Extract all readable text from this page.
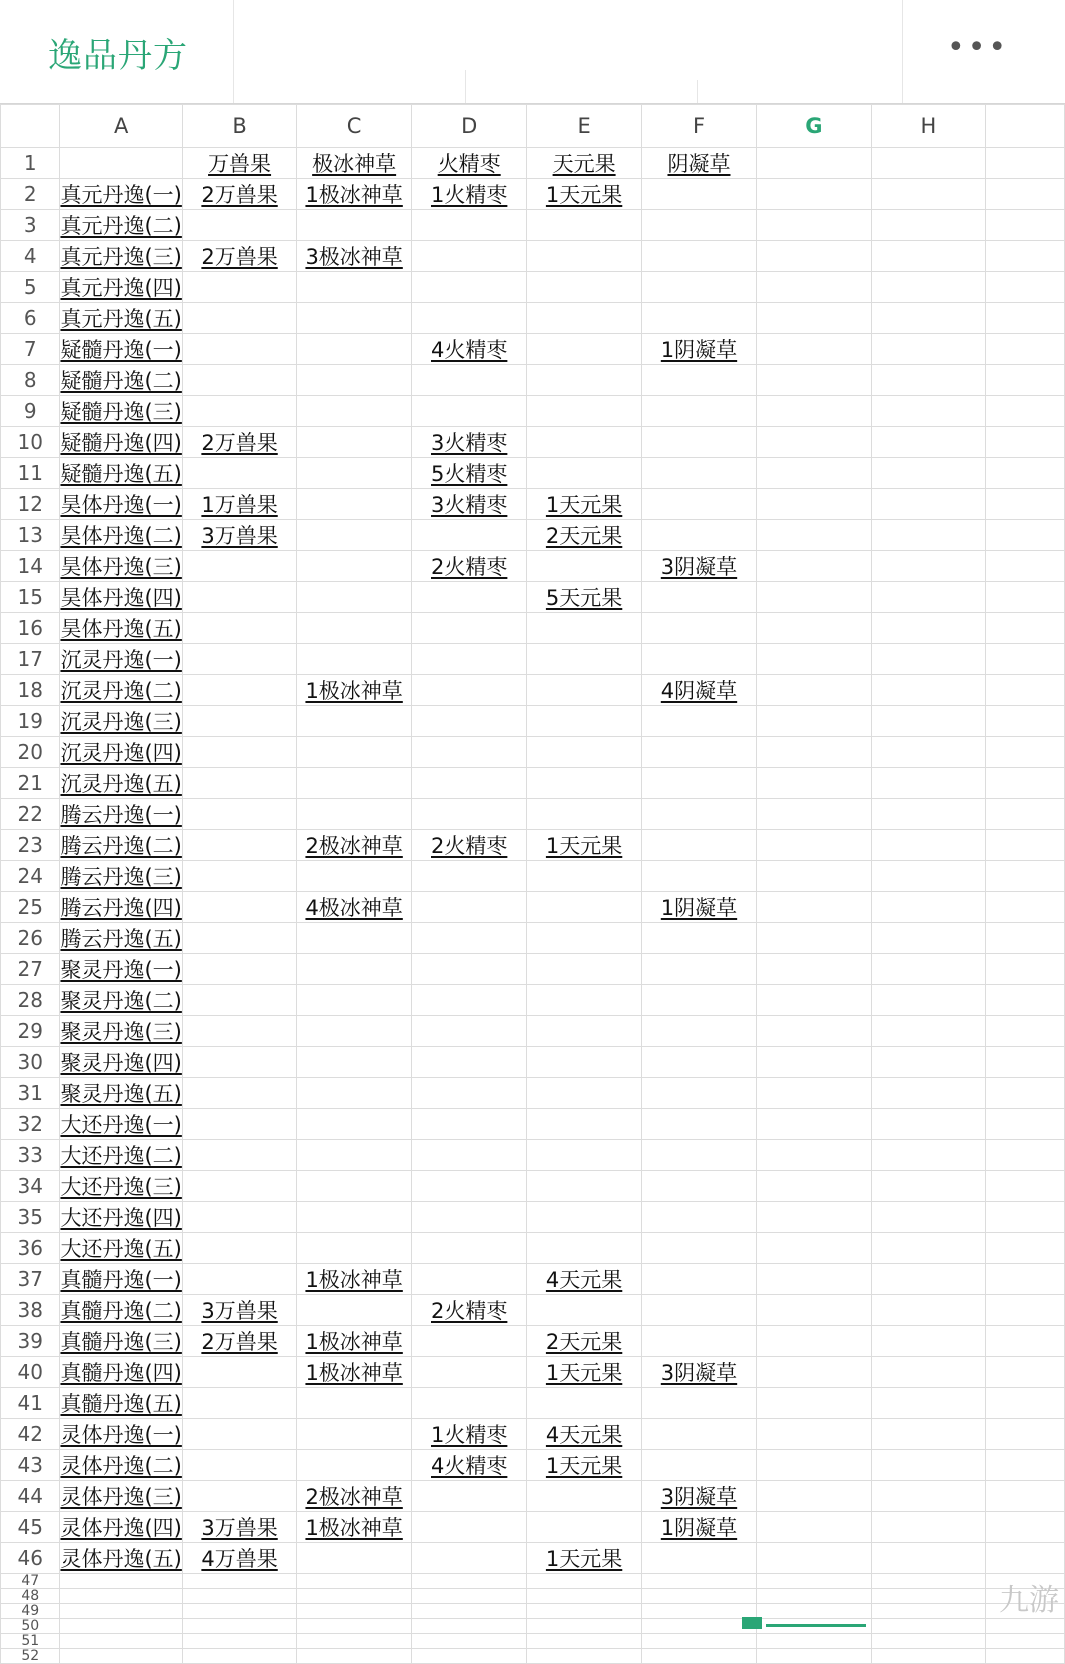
逸品丹方	•••
	A	B	C	D	E	F	G	H	
1		万兽果	极冰神草	火精枣	天元果	阴凝草			
2	真元丹逸(一)	2万兽果	1极冰神草	1火精枣	1天元果				
3	真元丹逸(二)								
4	真元丹逸(三)	2万兽果	3极冰神草						
5	真元丹逸(四)								
6	真元丹逸(五)								
7	疑髓丹逸(一)			4火精枣		1阴凝草			
8	疑髓丹逸(二)								
9	疑髓丹逸(三)								
10	疑髓丹逸(四)	2万兽果		3火精枣					
11	疑髓丹逸(五)			5火精枣					
12	昊体丹逸(一)	1万兽果		3火精枣	1天元果				
13	昊体丹逸(二)	3万兽果			2天元果				
14	昊体丹逸(三)			2火精枣		3阴凝草			
15	昊体丹逸(四)				5天元果				
16	昊体丹逸(五)								
17	沉灵丹逸(一)								
18	沉灵丹逸(二)		1极冰神草			4阴凝草			
19	沉灵丹逸(三)								
20	沉灵丹逸(四)								
21	沉灵丹逸(五)								
22	腾云丹逸(一)								
23	腾云丹逸(二)		2极冰神草	2火精枣	1天元果				
24	腾云丹逸(三)								
25	腾云丹逸(四)		4极冰神草			1阴凝草			
26	腾云丹逸(五)								
27	聚灵丹逸(一)								
28	聚灵丹逸(二)								
29	聚灵丹逸(三)								
30	聚灵丹逸(四)								
31	聚灵丹逸(五)								
32	大还丹逸(一)								
33	大还丹逸(二)								
34	大还丹逸(三)								
35	大还丹逸(四)								
36	大还丹逸(五)								
37	真髓丹逸(一)		1极冰神草		4天元果				
38	真髓丹逸(二)	3万兽果		2火精枣					
39	真髓丹逸(三)	2万兽果	1极冰神草		2天元果				
40	真髓丹逸(四)		1极冰神草		1天元果	3阴凝草			
41	真髓丹逸(五)								
42	灵体丹逸(一)			1火精枣	4天元果				
43	灵体丹逸(二)			4火精枣	1天元果				
44	灵体丹逸(三)		2极冰神草			3阴凝草			
45	灵体丹逸(四)	3万兽果	1极冰神草			1阴凝草			
46	灵体丹逸(五)	4万兽果			1天元果				
47									
48									
49									
50									
51									
52									
九游
